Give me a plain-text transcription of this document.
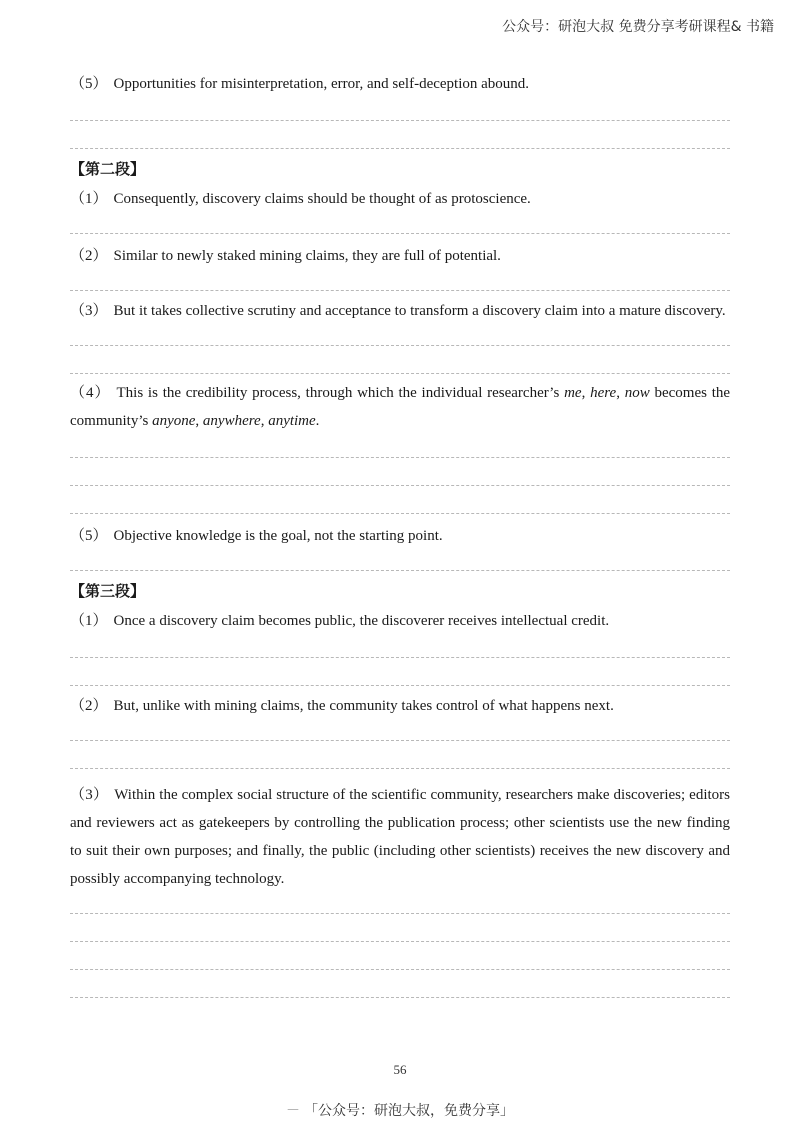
公众号：研泡大叔 免费分享考研课程& 书籍

（5） Opportunities for misinterpretation, error, and self-deception abound.

【第二段】

（1） Consequently, discovery claims should be thought of as protoscience.

（2） Similar to newly staked mining claims, they are full of potential.

（3） But it takes collective scrutiny and acceptance to transform a discovery claim into a mature discovery.

（4） This is the credibility process, through which the individual researcher’s me, here, now becomes the community’s anyone, anywhere, anytime.

（5） Objective knowledge is the goal, not the starting point.

【第三段】

（1） Once a discovery claim becomes public, the discoverer receives intellectual credit.

（2） But, unlike with mining claims, the community takes control of what happens next.

（3） Within the complex social structure of the scientific community, researchers make discoveries; editors and reviewers act as gatekeepers by controlling the publication process; other scientists use the new finding to suit their own purposes; and finally, the public (including other scientists) receives the new discovery and possibly accompanying technology.

56
－ 「公众号：研泡大叔，免费分享」
